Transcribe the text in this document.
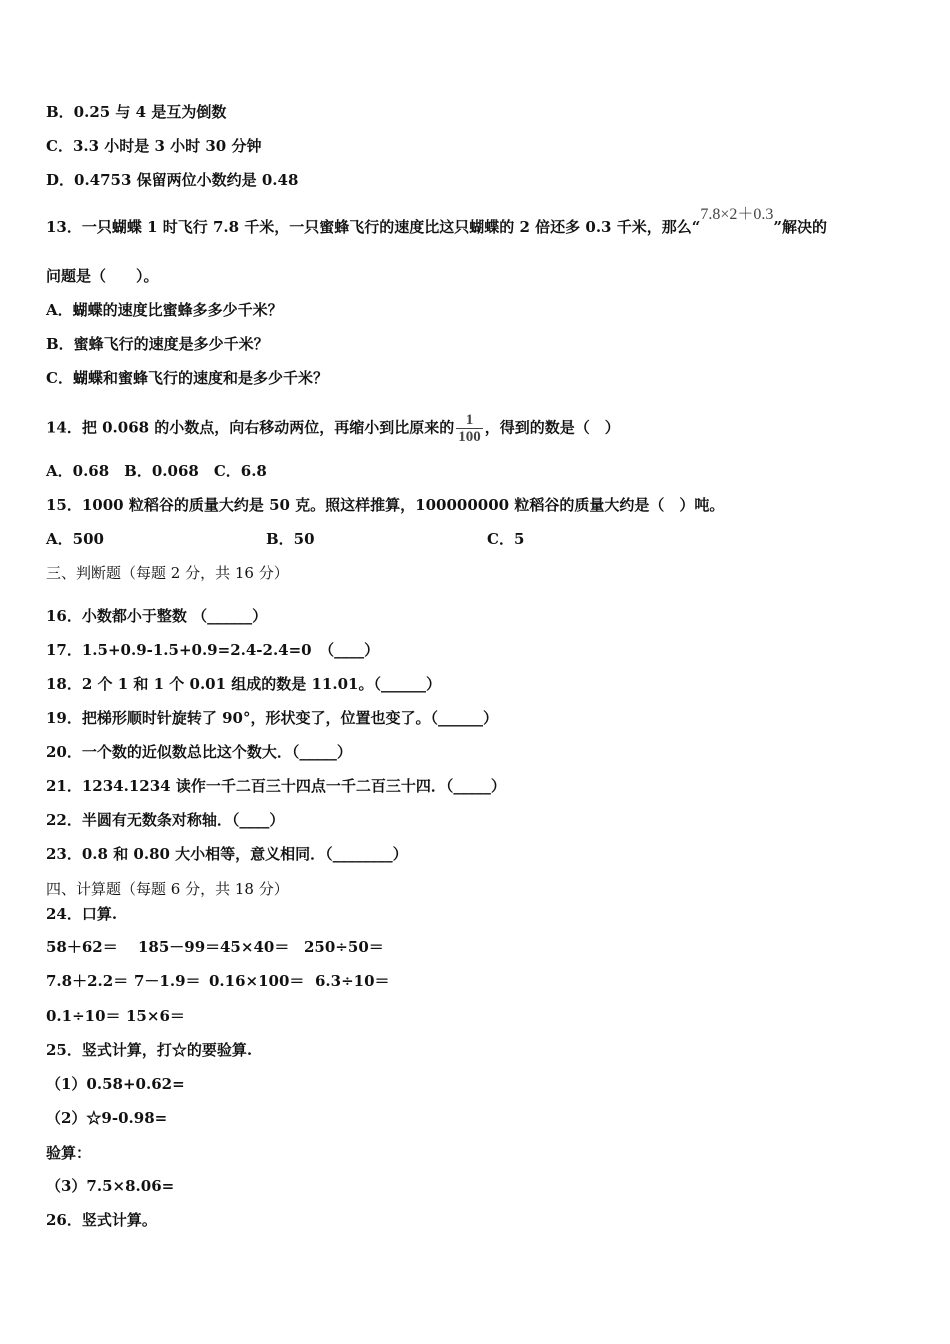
B．0.25 与 4 是互为倒数
C．3.3 小时是 3 小时 30 分钟
D．0.4753 保留两位小数约是 0.48
13．一只蝴蝶 1 时飞行 7.8 千米，一只蜜蜂飞行的速度比这只蝴蝶的 2 倍还多 0.3 千米，那么“7.8×2＋0.3”解决的
问题是（　　）。
A．蝴蝶的速度比蜜蜂多多少千米？
B．蜜蜂飞行的速度是多少千米？
C．蝴蝶和蜜蜂飞行的速度和是多少千米？
14．把 0.068 的小数点，向右移动两位，再缩小到比原来的 $\frac{1}{100}$ ，得到的数是（　）
A．0.68　B．0.068　C．6.8
15．1000 粒稻谷的质量大约是 50 克。照这样推算，100000000 粒稻谷的质量大约是（　）吨。
A．500	B．50	C．5
三、判断题（每题 2 分，共 16 分）
16．小数都小于整数 （______）
17．1.5+0.9-1.5+0.9=2.4-2.4=0　（____）
18．2 个 1 和 1 个 0.01 组成的数是 11.01。（______）
19．把梯形顺时针旋转了 90°，形状变了，位置也变了。（______）
20．一个数的近似数总比这个数大．（_____）
21．1234.1234 读作一千二百三十四点一千二百三十四．（_____）
22．半圆有无数条对称轴．（____）
23．0.8 和 0.80 大小相等，意义相同．（________）
四、计算题（每题 6 分，共 18 分）
24．口算.
58＋62＝ 185－99＝45×40＝ 250÷50＝
7.8＋2.2＝ 7－1.9＝ 0.16×100＝ 6.3÷10＝
0.1÷10＝ 15×6＝
25．竖式计算，打☆的要验算.
（1）0.58+0.62=
（2）☆9-0.98=
验算：
（3）7.5×8.06=
26．竖式计算。
